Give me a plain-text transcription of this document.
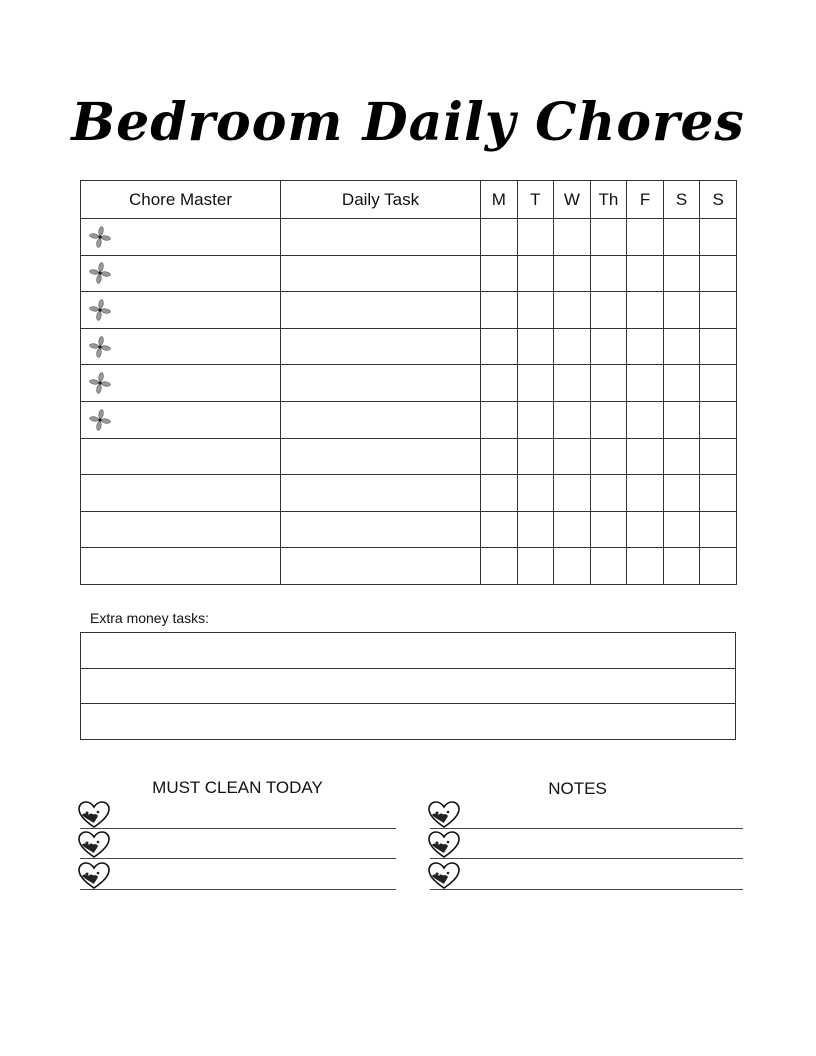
Bedroom Daily Chores
Chore Master	Daily Task	M	T	W	Th	F	S	S

Extra money tasks:

MUST CLEAN TODAY	NOTES
